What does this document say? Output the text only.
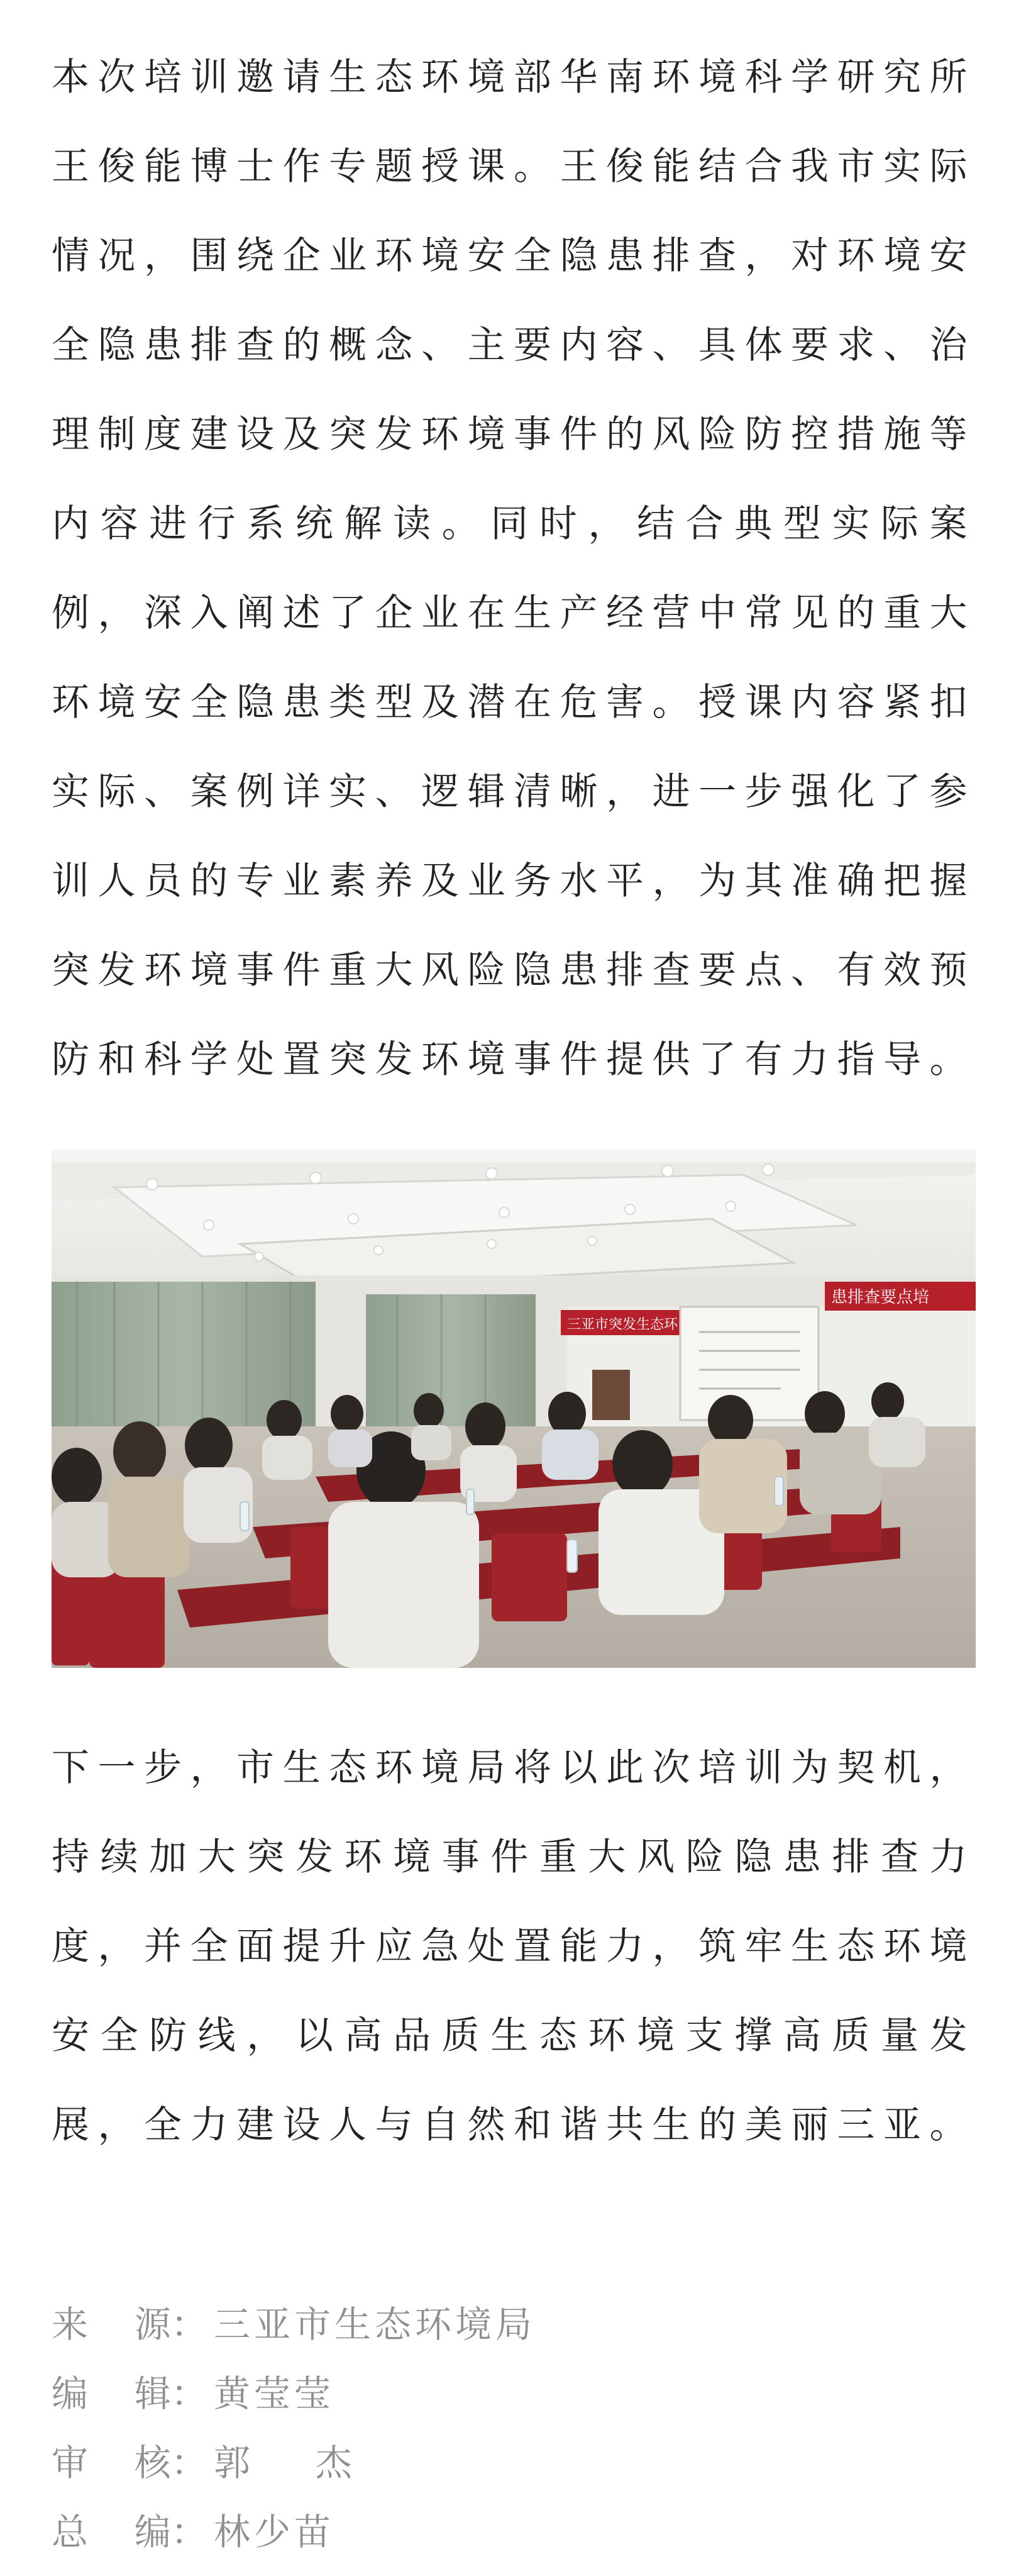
本次培训邀请生态环境部华南环境科学研究所王俊能博士作专题授课。王俊能结合我市实际情况，围绕企业环境安全隐患排查，对环境安全隐患排查的概念、主要内容、具体要求、治理制度建设及突发环境事件的风险防控措施等内容进行系统解读。同时，结合典型实际案例，深入阐述了企业在生产经营中常见的重大环境安全隐患类型及潜在危害。授课内容紧扣实际、案例详实、逻辑清晰，进一步强化了参训人员的专业素养及业务水平，为其准确把握突发环境事件重大风险隐患排查要点、有效预防和科学处置突发环境事件提供了有力指导。

三亚市突发生态环
患排查要点培

下一步，市生态环境局将以此次培训为契机，持续加大突发环境事件重大风险隐患排查力度，并全面提升应急处置能力，筑牢生态环境安全防线，以高品质生态环境支撑高质量发展，全力建设人与自然和谐共生的美丽三亚。

来    源： 三亚市生态环境局
编    辑： 黄莹莹
审    核： 郭    杰
总    编： 林少苗
